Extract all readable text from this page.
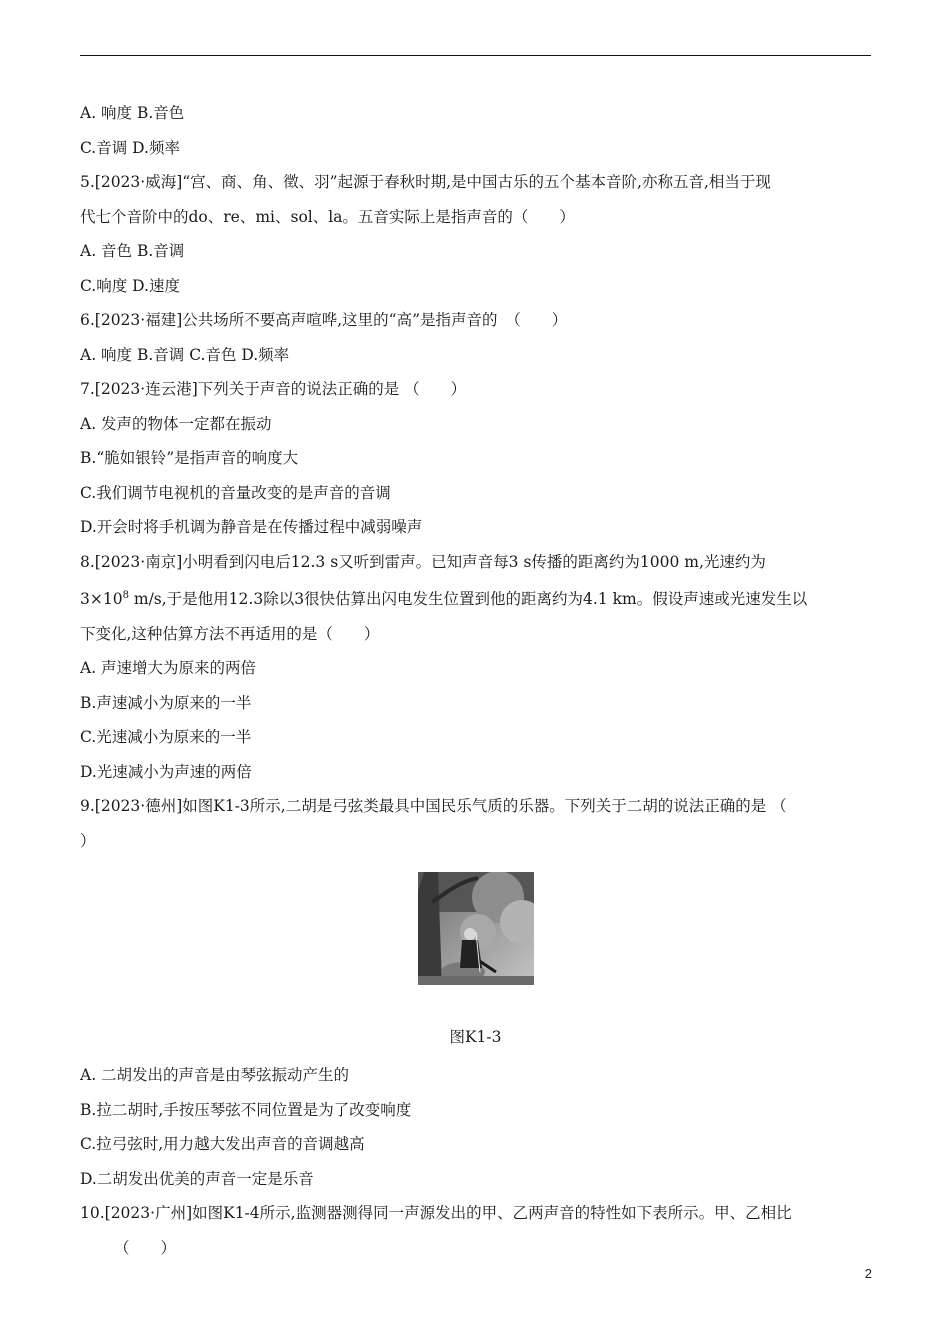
A. 响度 B.音色
C.音调 D.频率
5.[2023·威海]“宫、商、角、徵、羽”起源于春秋时期,是中国古乐的五个基本音阶,亦称五音,相当于现
代七个音阶中的do、re、mi、sol、la。五音实际上是指声音的（　　）
A. 音色 B.音调
C.响度 D.速度
6.[2023·福建]公共场所不要高声喧哗,这里的“高”是指声音的　（　　）
A. 响度 B.音调 C.音色 D.频率
7.[2023·连云港]下列关于声音的说法正确的是 （　　）
A. 发声的物体一定都在振动
B.“脆如银铃”是指声音的响度大
C.我们调节电视机的音量改变的是声音的音调
D.开会时将手机调为静音是在传播过程中减弱噪声
8.[2023·南京]小明看到闪电后12.3 s又听到雷声。已知声音每3 s传播的距离约为1000 m,光速约为
$3\times 10^8$ m/s,于是他用12.3除以3很快估算出闪电发生位置到他的距离约为4.1 km。假设声速或光速发生以
下变化,这种估算方法不再适用的是（　　）
A. 声速增大为原来的两倍
B.声速减小为原来的一半
C.光速减小为原来的一半
D.光速减小为声速的两倍
9.[2023·德州]如图K1-3所示,二胡是弓弦类最具中国民乐气质的乐器。下列关于二胡的说法正确的是 （
）
图K1-3
A. 二胡发出的声音是由琴弦振动产生的
B.拉二胡时,手按压琴弦不同位置是为了改变响度
C.拉弓弦时,用力越大发出声音的音调越高
D.二胡发出优美的声音一定是乐音
10.[2023·广州]如图K1-4所示,监测器测得同一声源发出的甲、乙两声音的特性如下表所示。甲、乙相比
（　　）
2
